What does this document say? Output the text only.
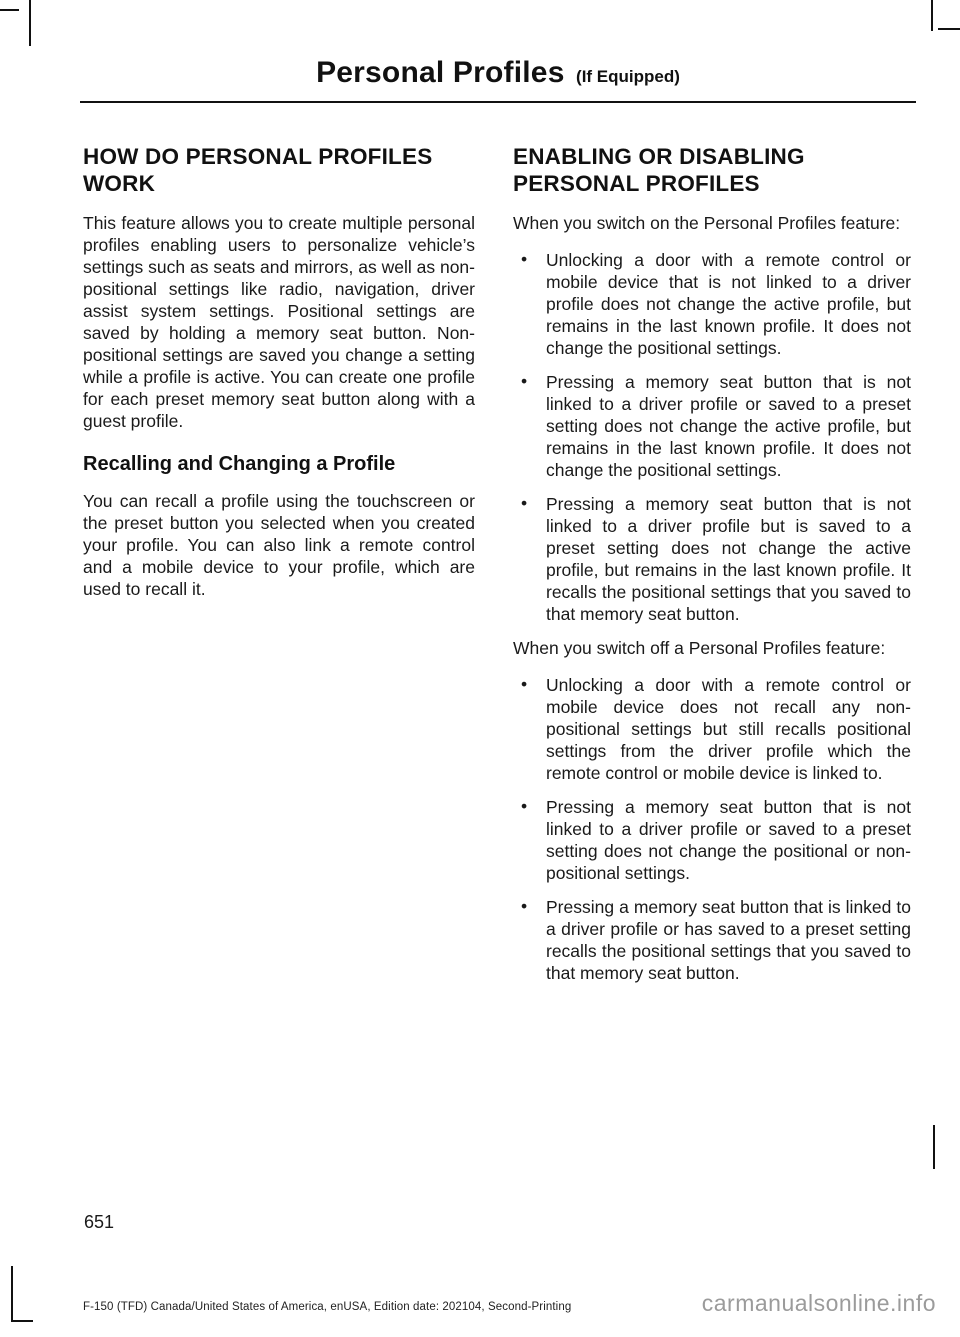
Personal Profiles (If Equipped)
HOW DO PERSONAL PROFILES WORK

This feature allows you to create multiple personal profiles enabling users to personalize vehicle’s settings such as seats and mirrors, as well as non-positional settings like radio, navigation, driver assist system settings. Positional settings are saved by holding a memory seat button. Non-positional settings are saved you change a setting while a profile is active. You can create one profile for each preset memory seat button along with a guest profile.

Recalling and Changing a Profile

You can recall a profile using the touchscreen or the preset button you selected when you created your profile. You can also link a remote control and a mobile device to your profile, which are used to recall it.

ENABLING OR DISABLING PERSONAL PROFILES

When you switch on the Personal Profiles feature:

• Unlocking a door with a remote control or mobile device that is not linked to a driver profile does not change the active profile, but remains in the last known profile. It does not change the positional settings.
• Pressing a memory seat button that is not linked to a driver profile or saved to a preset setting does not change the active profile, but remains in the last known profile. It does not change the positional settings.
• Pressing a memory seat button that is not linked to a driver profile but is saved to a preset setting does not change the active profile, but remains in the last known profile. It recalls the positional settings that you saved to that memory seat button.

When you switch off a Personal Profiles feature:

• Unlocking a door with a remote control or mobile device does not recall any non-positional settings but still recalls positional settings from the driver profile which the remote control or mobile device is linked to.
• Pressing a memory seat button that is not linked to a driver profile or saved to a preset setting does not change the positional or non-positional settings.
• Pressing a memory seat button that is linked to a driver profile or has saved to a preset setting recalls the positional settings that you saved to that memory seat button.
651
F-150 (TFD) Canada/United States of America, enUSA, Edition date: 202104, Second-Printing	carmanualsonline.info
